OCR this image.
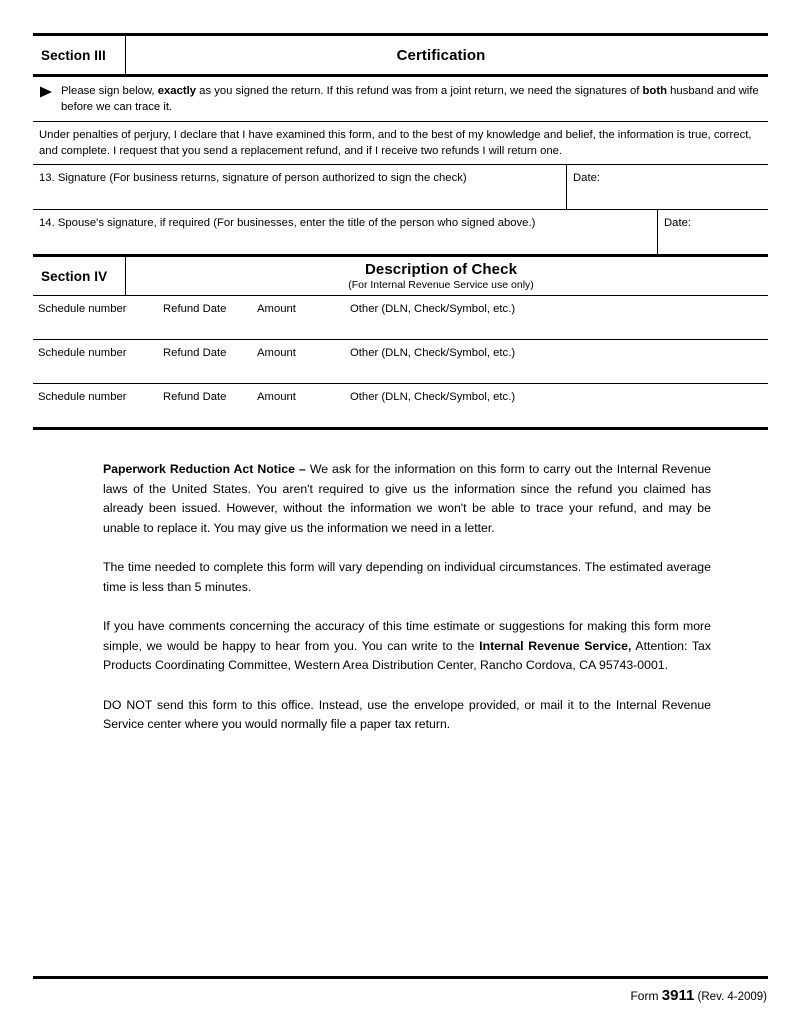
Section III	Certification
Please sign below, exactly as you signed the return. If this refund was from a joint return, we need the signatures of both husband and wife before we can trace it.
Under penalties of perjury, I declare that I have examined this form, and to the best of my knowledge and belief, the information is true, correct, and complete. I request that you send a replacement refund, and if I receive two refunds I will return one.
13. Signature (For business returns, signature of person authorized to sign the check)	Date:
14. Spouse's signature, if required (For businesses, enter the title of the person who signed above.)	Date:
Section IV	Description of Check
(For Internal Revenue Service use only)
Schedule number	Refund Date	Amount	Other (DLN, Check/Symbol, etc.)
Schedule number	Refund Date	Amount	Other (DLN, Check/Symbol, etc.)
Schedule number	Refund Date	Amount	Other (DLN, Check/Symbol, etc.)

Paperwork Reduction Act Notice – We ask for the information on this form to carry out the Internal Revenue laws of the United States. You aren't required to give us the information since the refund you claimed has already been issued. However, without the information we won't be able to trace your refund, and may be unable to replace it. You may give us the information we need in a letter.

The time needed to complete this form will vary depending on individual circumstances. The estimated average time is less than 5 minutes.

If you have comments concerning the accuracy of this time estimate or suggestions for making this form more simple, we would be happy to hear from you. You can write to the Internal Revenue Service, Attention: Tax Products Coordinating Committee, Western Area Distribution Center, Rancho Cordova, CA 95743-0001.

DO NOT send this form to this office. Instead, use the envelope provided, or mail it to the Internal Revenue Service center where you would normally file a paper tax return.

Form 3911 (Rev. 4-2009)
